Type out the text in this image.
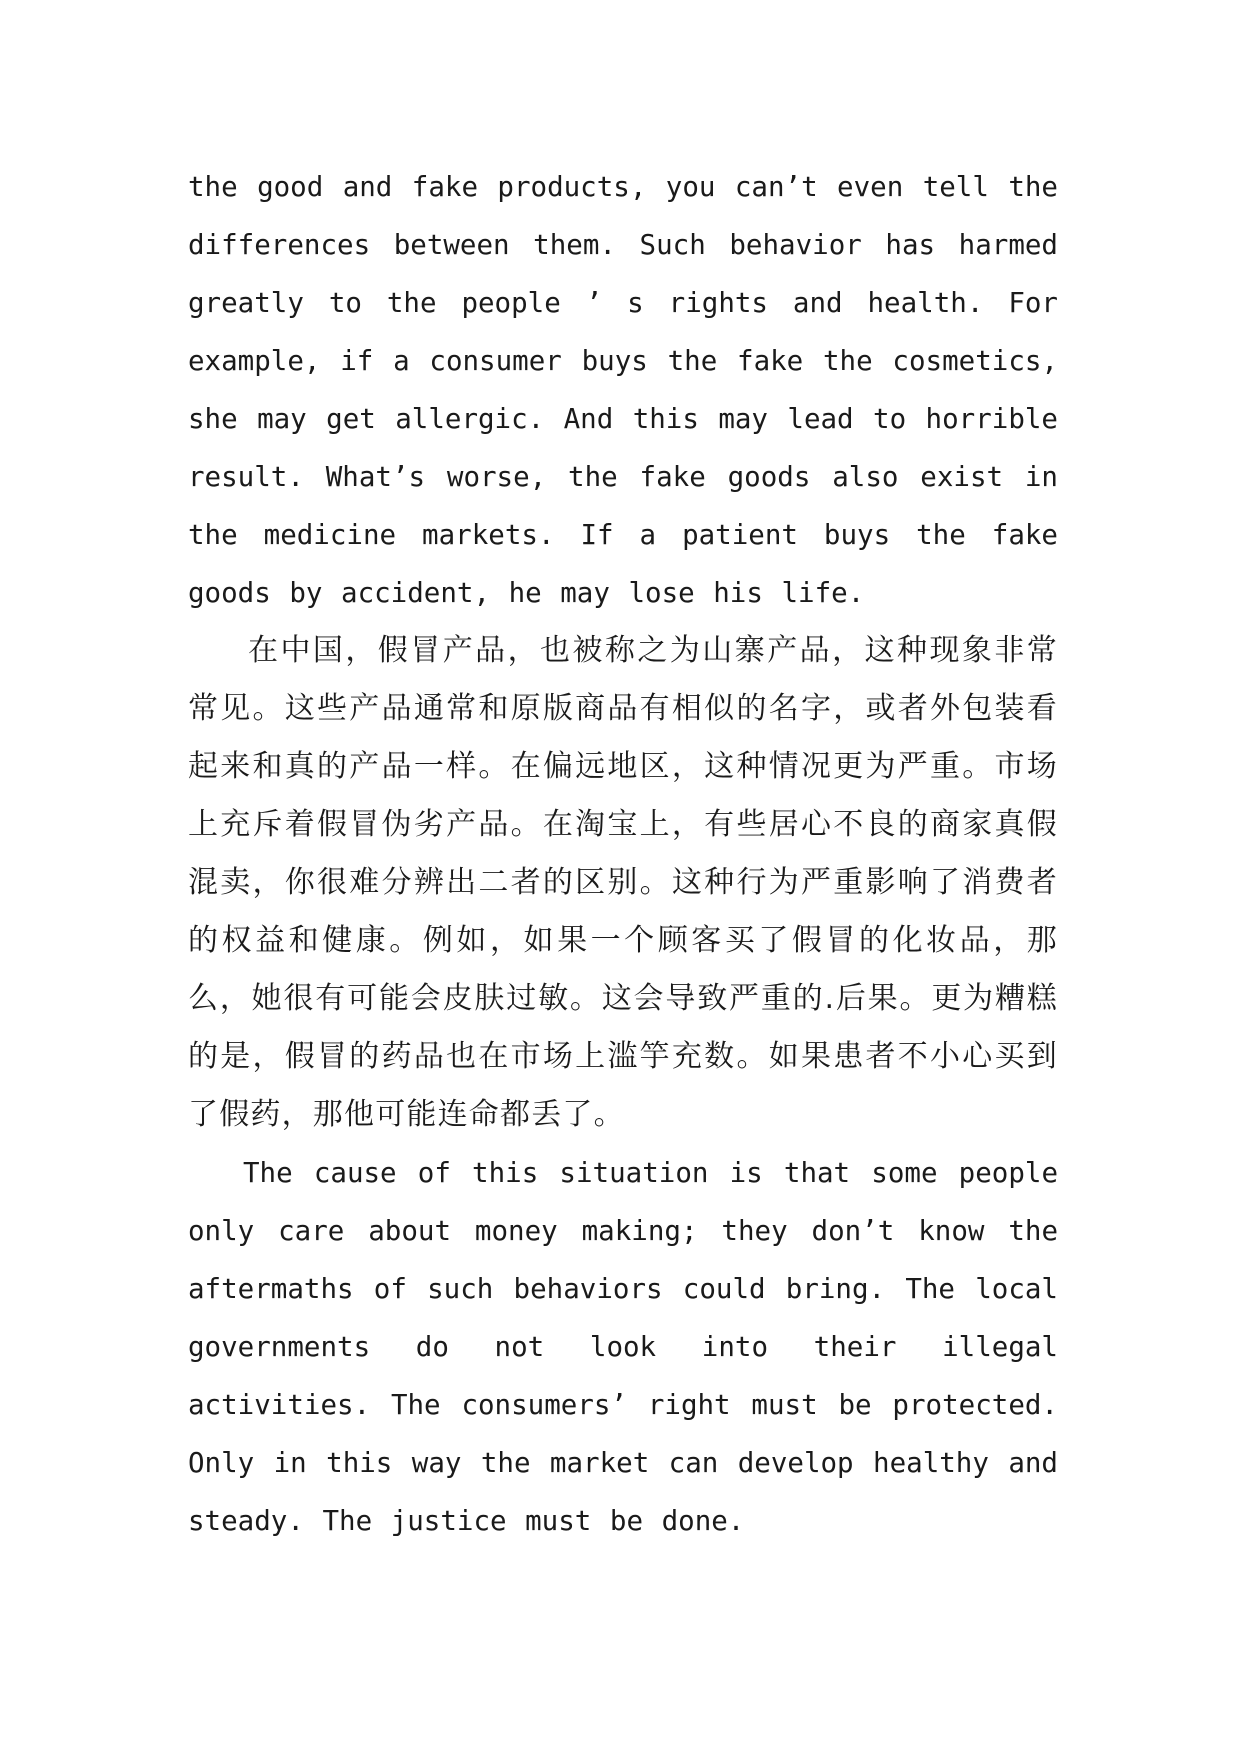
the good and fake products, you can’t even tell the differences between them. Such behavior has harmed greatly to the people ’ s rights and health. For example, if a consumer buys the fake the cosmetics, she may get allergic. And this may lead to horrible result. What’s worse, the fake goods also exist in the medicine markets. If a patient buys the fake goods by accident, he may lose his life.

在中国，假冒产品，也被称之为山寨产品，这种现象非常常见。这些产品通常和原版商品有相似的名字，或者外包装看起来和真的产品一样。在偏远地区，这种情况更为严重。市场上充斥着假冒伪劣产品。在淘宝上，有些居心不良的商家真假混卖，你很难分辨出二者的区别。这种行为严重影响了消费者的权益和健康。例如，如果一个顾客买了假冒的化妆品，那么，她很有可能会皮肤过敏。这会导致严重的.后果。更为糟糕的是，假冒的药品也在市场上滥竽充数。如果患者不小心买到了假药，那他可能连命都丢了。

The cause of this situation is that some people only care about money making; they don’t know the aftermaths of such behaviors could bring. The local governments do not look into their illegal activities. The consumers’ right must be protected. Only in this way the market can develop healthy and steady. The justice must be done.
